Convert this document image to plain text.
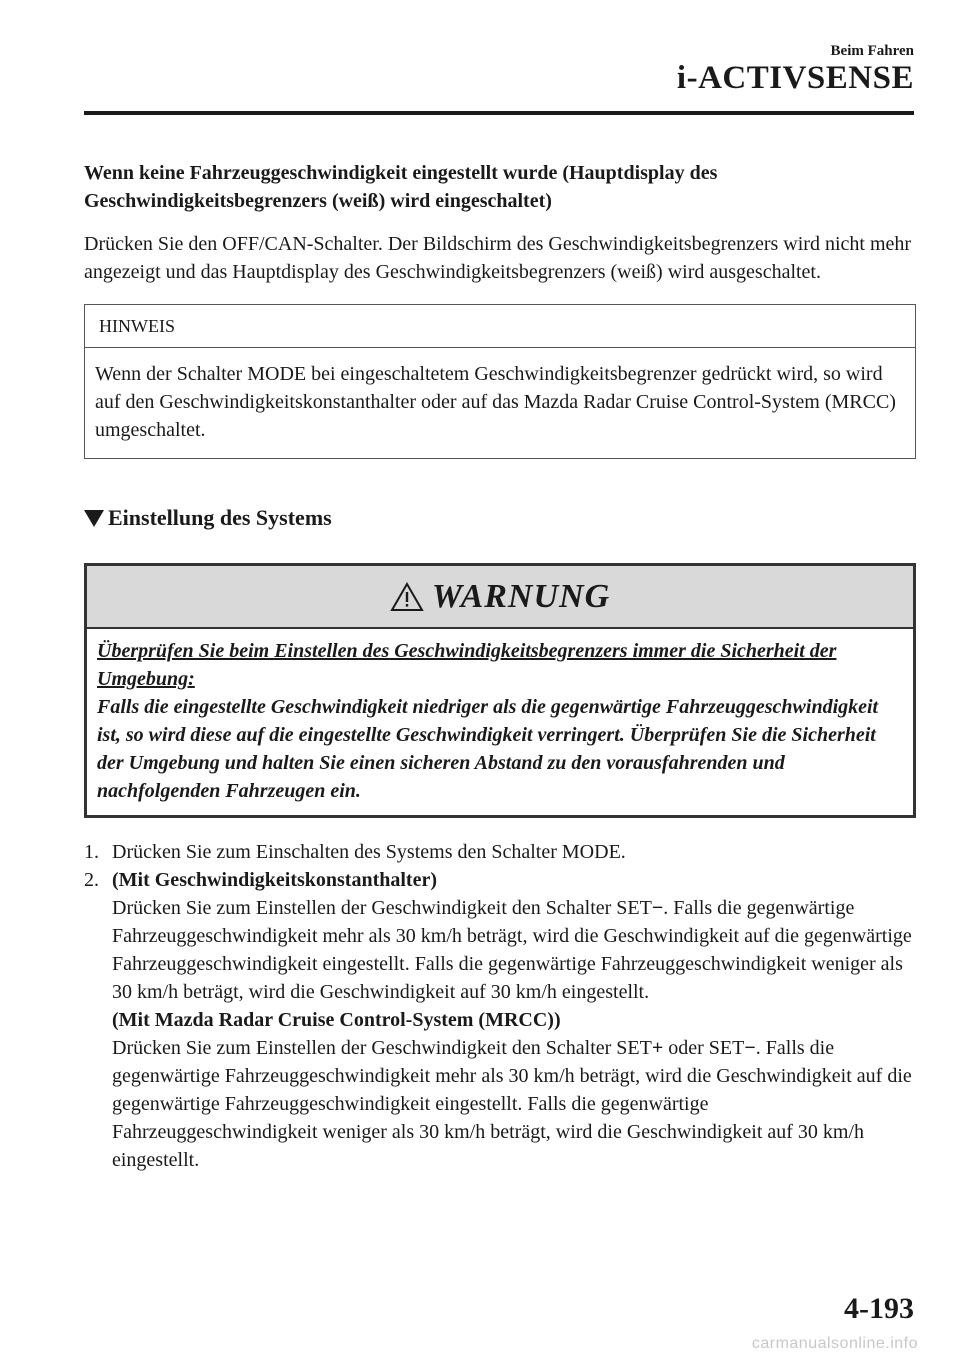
Beim Fahren
i-ACTIVSENSE
Wenn keine Fahrzeuggeschwindigkeit eingestellt wurde (Hauptdisplay des Geschwindigkeitsbegrenzers (weiß) wird eingeschaltet)
Drücken Sie den OFF/CAN-Schalter. Der Bildschirm des Geschwindigkeitsbegrenzers wird nicht mehr angezeigt und das Hauptdisplay des Geschwindigkeitsbegrenzers (weiß) wird ausgeschaltet.
HINWEIS
Wenn der Schalter MODE bei eingeschaltetem Geschwindigkeitsbegrenzer gedrückt wird, so wird auf den Geschwindigkeitskonstanthalter oder auf das Mazda Radar Cruise Control-System (MRCC) umgeschaltet.
Einstellung des Systems
WARNUNG
Überprüfen Sie beim Einstellen des Geschwindigkeitsbegrenzers immer die Sicherheit der Umgebung:
Falls die eingestellte Geschwindigkeit niedriger als die gegenwärtige Fahrzeuggeschwindigkeit ist, so wird diese auf die eingestellte Geschwindigkeit verringert. Überprüfen Sie die Sicherheit der Umgebung und halten Sie einen sicheren Abstand zu den vorausfahrenden und nachfolgenden Fahrzeugen ein.
1. Drücken Sie zum Einschalten des Systems den Schalter MODE.
2. (Mit Geschwindigkeitskonstanthalter)
Drücken Sie zum Einstellen der Geschwindigkeit den Schalter SET−. Falls die gegenwärtige Fahrzeuggeschwindigkeit mehr als 30 km/h beträgt, wird die Geschwindigkeit auf die gegenwärtige Fahrzeuggeschwindigkeit eingestellt. Falls die gegenwärtige Fahrzeuggeschwindigkeit weniger als 30 km/h beträgt, wird die Geschwindigkeit auf 30 km/h eingestellt.
(Mit Mazda Radar Cruise Control-System (MRCC))
Drücken Sie zum Einstellen der Geschwindigkeit den Schalter SET+ oder SET−. Falls die gegenwärtige Fahrzeuggeschwindigkeit mehr als 30 km/h beträgt, wird die Geschwindigkeit auf die gegenwärtige Fahrzeuggeschwindigkeit eingestellt. Falls die gegenwärtige Fahrzeuggeschwindigkeit weniger als 30 km/h beträgt, wird die Geschwindigkeit auf 30 km/h eingestellt.
4-193
carmanualsonline.info
